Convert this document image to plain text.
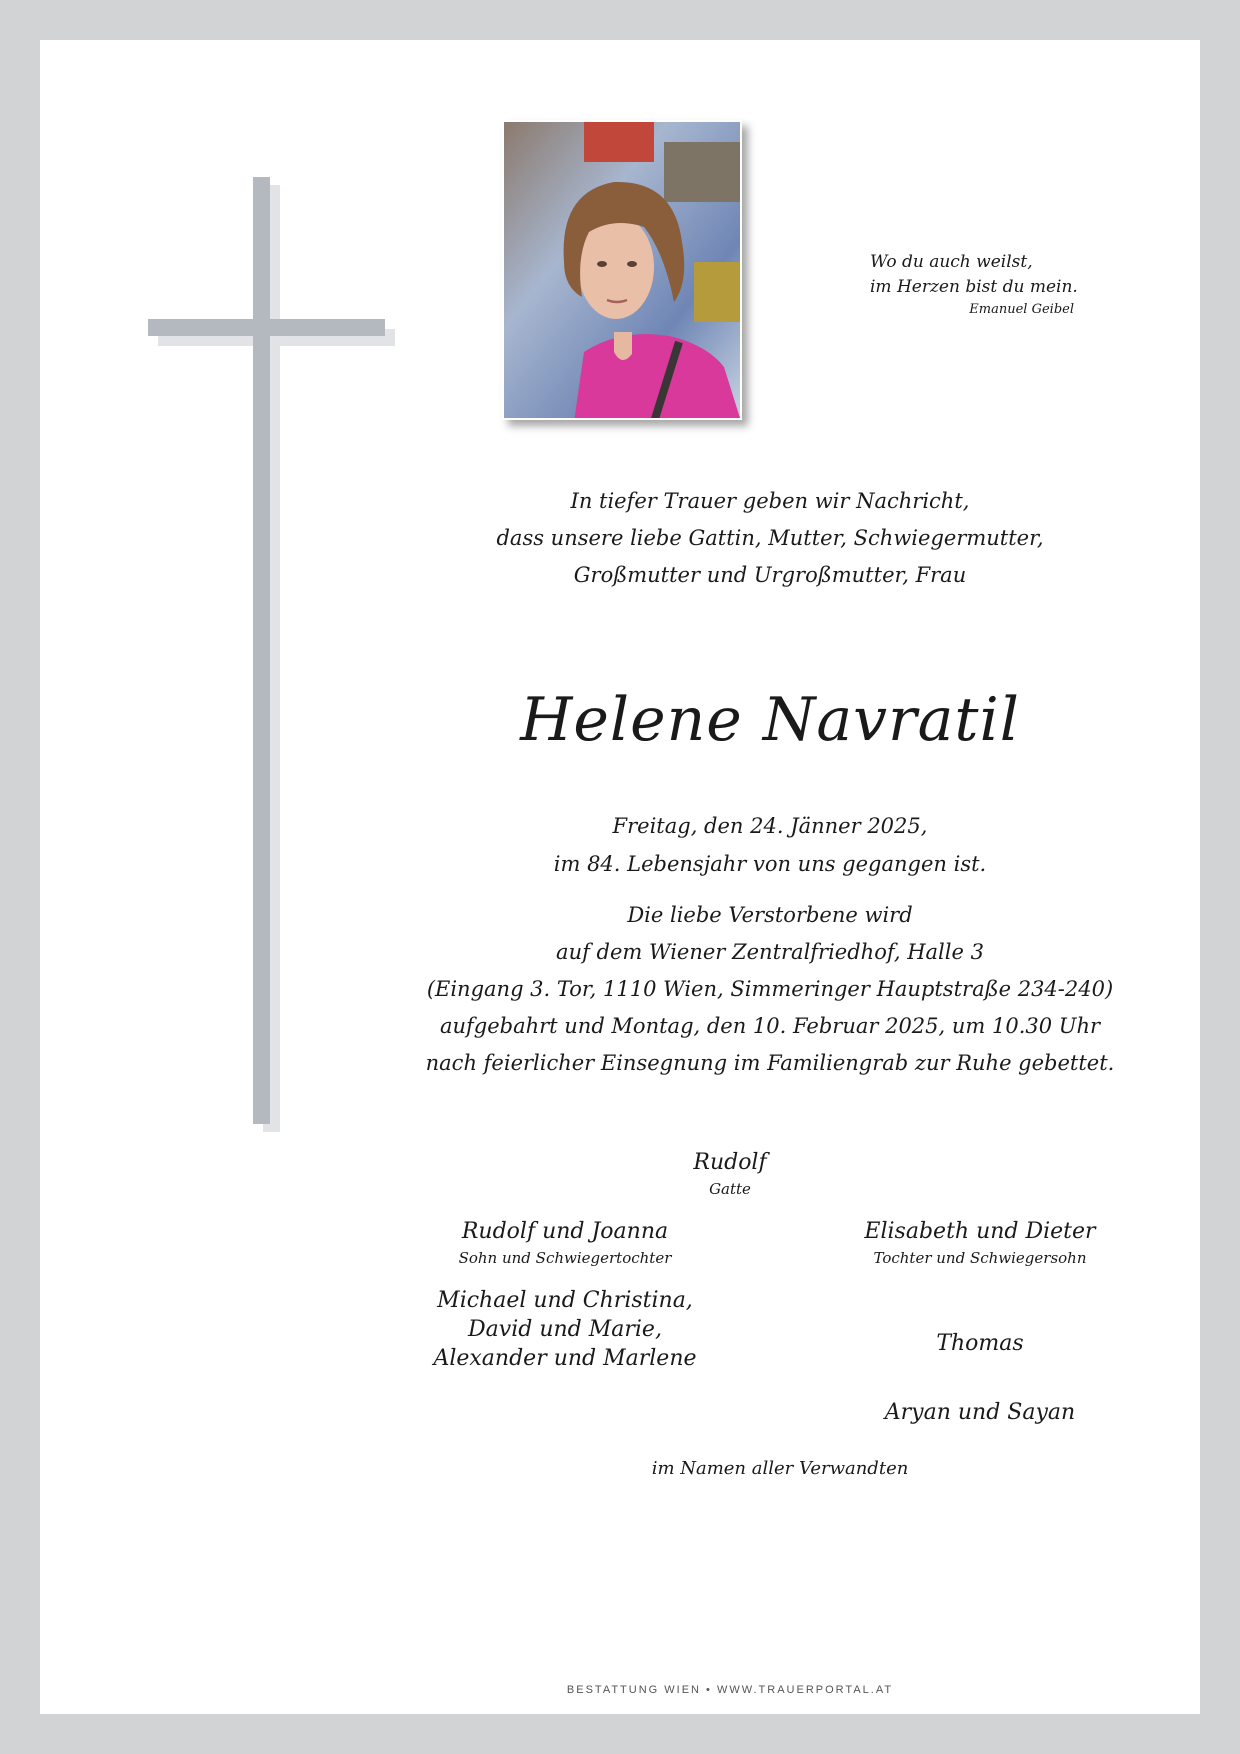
Wo du auch weilst,
im Herzen bist du mein.
Emanuel Geibel
In tiefer Trauer geben wir Nachricht,
dass unsere liebe Gattin, Mutter, Schwiegermutter,
Großmutter und Urgroßmutter, Frau
Helene Navratil
Freitag, den 24. Jänner 2025,
im 84. Lebensjahr von uns gegangen ist.
Die liebe Verstorbene wird
auf dem Wiener Zentralfriedhof, Halle 3
(Eingang 3. Tor, 1110 Wien, Simmeringer Hauptstraße 234-240)
aufgebahrt und Montag, den 10. Februar 2025, um 10.30 Uhr
nach feierlicher Einsegnung im Familiengrab zur Ruhe gebettet.
Rudolf
Gatte
Rudolf und Joanna
Sohn und Schwiegertochter
Elisabeth und Dieter
Tochter und Schwiegersohn
Michael und Christina,
David und Marie,
Alexander und Marlene
Thomas
Aryan und Sayan
im Namen aller Verwandten
BESTATTUNG WIEN • WWW.TRAUERPORTAL.AT
